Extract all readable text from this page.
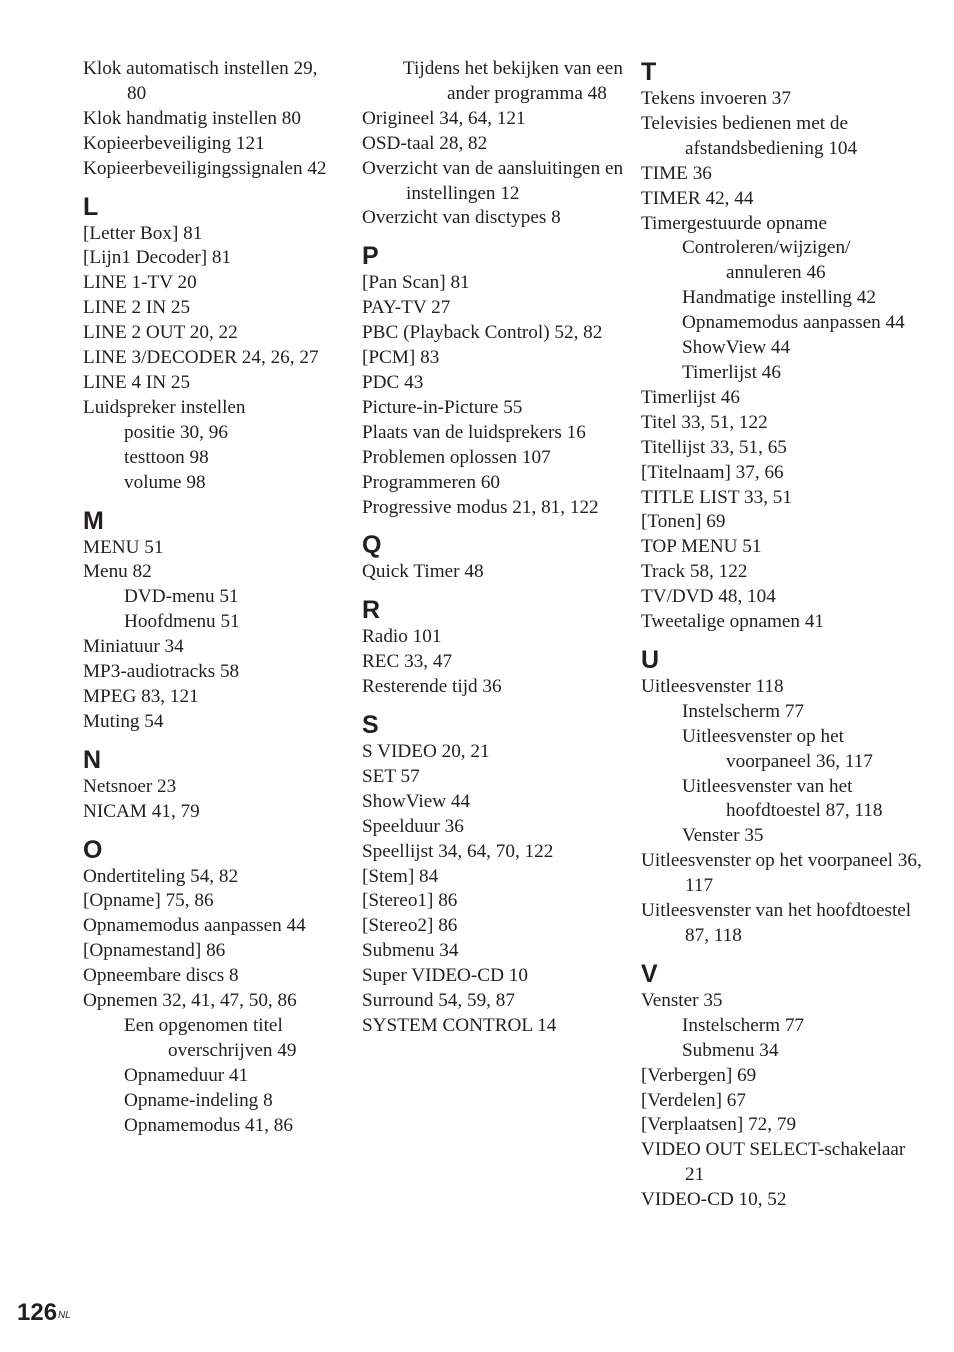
Klok automatisch instellen 29, 80
Klok handmatig instellen 80
Kopieerbeveiliging 121
Kopieerbeveiligingssignalen 42
L
[Letter Box] 81
[Lijn1 Decoder] 81
LINE 1-TV 20
LINE 2 IN 25
LINE 2 OUT 20, 22
LINE 3/DECODER 24, 26, 27
LINE 4 IN 25
Luidspreker instellen
positie 30, 96
testtoon 98
volume 98
M
MENU 51
Menu 82
DVD-menu 51
Hoofdmenu 51
Miniatuur 34
MP3-audiotracks 58
MPEG 83, 121
Muting 54
N
Netsnoer 23
NICAM 41, 79
O
Ondertiteling 54, 82
[Opname] 75, 86
Opnamemodus aanpassen 44
[Opnamestand] 86
Opneembare discs 8
Opnemen 32, 41, 47, 50, 86
Een opgenomen titel overschrijven 49
Opnameduur 41
Opname-indeling 8
Opnamemodus 41, 86
Tijdens het bekijken van een ander programma 48
Origineel 34, 64, 121
OSD-taal 28, 82
Overzicht van de aansluitingen en instellingen 12
Overzicht van disctypes 8
P
[Pan Scan] 81
PAY-TV 27
PBC (Playback Control) 52, 82
[PCM] 83
PDC 43
Picture-in-Picture 55
Plaats van de luidsprekers 16
Problemen oplossen 107
Programmeren 60
Progressive modus 21, 81, 122
Q
Quick Timer 48
R
Radio 101
REC 33, 47
Resterende tijd 36
S
S VIDEO 20, 21
SET 57
ShowView 44
Speelduur 36
Speellijst 34, 64, 70, 122
[Stem] 84
[Stereo1] 86
[Stereo2] 86
Submenu 34
Super VIDEO-CD 10
Surround 54, 59, 87
SYSTEM CONTROL 14
T
Tekens invoeren 37
Televisies bedienen met de afstandsbediening 104
TIME 36
TIMER 42, 44
Timergestuurde opname
Controleren/wijzigen/ annuleren 46
Handmatige instelling 42
Opnamemodus aanpassen 44
ShowView 44
Timerlijst 46
Timerlijst 46
Titel 33, 51, 122
Titellijst 33, 51, 65
[Titelnaam] 37, 66
TITLE LIST 33, 51
[Tonen] 69
TOP MENU 51
Track 58, 122
TV/DVD 48, 104
Tweetalige opnamen 41
U
Uitleesvenster 118
Instelscherm 77
Uitleesvenster op het voorpaneel 36, 117
Uitleesvenster van het hoofdtoestel 87, 118
Venster 35
Uitleesvenster op het voorpaneel 36, 117
Uitleesvenster van het hoofdtoestel 87, 118
V
Venster 35
Instelscherm 77
Submenu 34
[Verbergen] 69
[Verdelen] 67
[Verplaatsen] 72, 79
VIDEO OUT SELECT-schakelaar 21
VIDEO-CD 10, 52
$126^{NL}$
